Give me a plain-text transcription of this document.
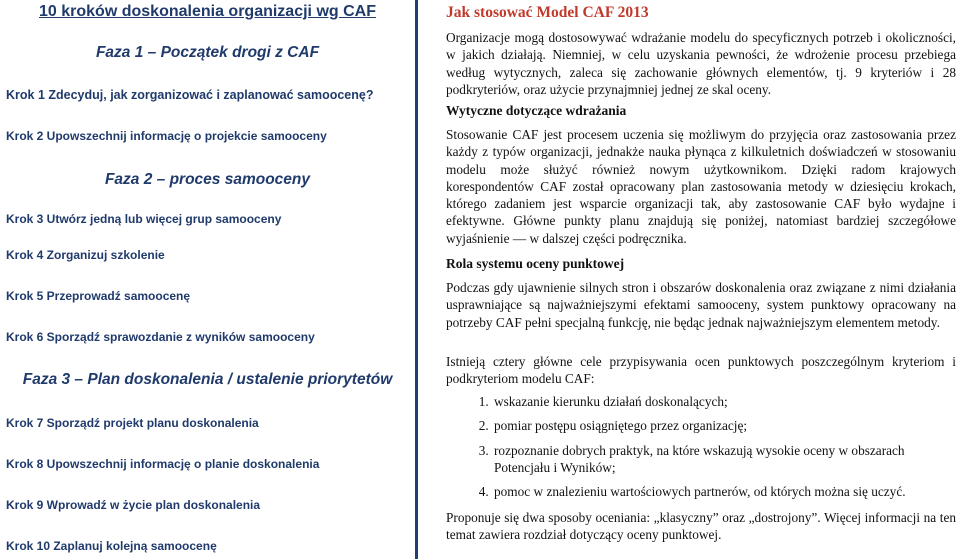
10 kroków doskonalenia organizacji wg CAF
Faza 1 – Początek drogi z CAF
Krok 1 Zdecyduj, jak zorganizować i zaplanować samoocenę?
Krok 2 Upowszechnij informację o projekcie samooceny
Faza 2 – proces samooceny
Krok 3 Utwórz jedną lub więcej grup samooceny
Krok 4 Zorganizuj szkolenie
Krok 5 Przeprowadź samoocenę
Krok 6 Sporządź sprawozdanie z wyników samooceny
Faza 3 – Plan doskonalenia / ustalenie priorytetów
Krok 7 Sporządź projekt planu doskonalenia
Krok 8 Upowszechnij informację o planie doskonalenia
Krok 9 Wprowadź w życie plan doskonalenia
Krok 10 Zaplanuj kolejną samoocenę
Jak stosować Model CAF 2013
Organizacje mogą dostosowywać wdrażanie modelu do specyficznych potrzeb i okoliczności, w jakich działają. Niemniej, w celu uzyskania pewności, że wdrożenie procesu przebiega według wytycznych, zaleca się zachowanie głównych elementów, tj. 9 kryteriów i 28 podkryteriów, oraz użycie przynajmniej jednej ze skal oceny.
Wytyczne dotyczące wdrażania
Stosowanie CAF jest procesem uczenia się możliwym do przyjęcia oraz zastosowania przez każdy z typów organizacji, jednakże nauka płynąca z kilkuletnich doświadczeń w stosowaniu modelu może służyć również nowym użytkownikom. Dzięki radom krajowych korespondentów CAF został opracowany plan zastosowania metody w dziesięciu krokach, którego zadaniem jest wsparcie organizacji tak, aby zastosowanie CAF było wydajne i efektywne. Główne punkty planu znajdują się poniżej, natomiast bardziej szczegółowe wyjaśnienie — w dalszej części podręcznika.
Rola systemu oceny punktowej
Podczas gdy ujawnienie silnych stron i obszarów doskonalenia oraz związane z nimi działania usprawniające są najważniejszymi efektami samooceny, system punktowy opracowany na potrzeby CAF pełni specjalną funkcję, nie będąc jednak najważniejszym elementem metody.
Istnieją cztery główne cele przypisywania ocen punktowych poszczególnym kryteriom i podkryteriom modelu CAF:
1. wskazanie kierunku działań doskonalących;
2. pomiar postępu osiągniętego przez organizację;
3. rozpoznanie dobrych praktyk, na które wskazują wysokie oceny w obszarach Potencjału i Wyników;
4. pomoc w znalezieniu wartościowych partnerów, od których można się uczyć.
Proponuje się dwa sposoby oceniania: „klasyczny” oraz „dostrojony”. Więcej informacji na ten temat zawiera rozdział dotyczący oceny punktowej.
